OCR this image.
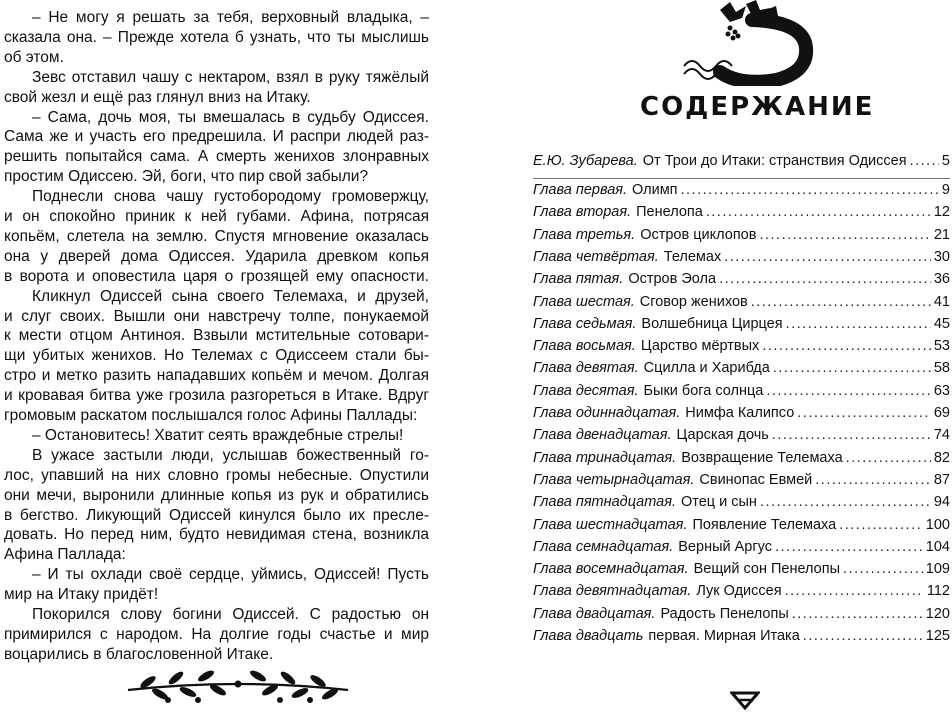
– Не могу я решать за тебя, верховный владыка, –
сказала она. – Прежде хотела б узнать, что ты мыслишь
об этом.
Зевс отставил чашу с нектаром, взял в руку тяжёлый
свой жезл и ещё раз глянул вниз на Итаку.
– Сама, дочь моя, ты вмешалась в судьбу Одиссея.
Сама же и участь его предрешила. И распри людей раз-
решить попытайся сама. А смерть женихов злонравных
простим Одиссею. Эй, боги, что пир свой забыли?
Поднесли снова чашу густобородому громовержцу,
и он спокойно приник к ней губами. Афина, потрясая
копьём, слетела на землю. Спустя мгновение оказалась
она у дверей дома Одиссея. Ударила древком копья
в ворота и оповестила царя о грозящей ему опасности.
Кликнул Одиссей сына своего Телемаха, и друзей,
и слуг своих. Вышли они навстречу толпе, понукаемой
к мести отцом Антиноя. Взвыли мстительные сотовари-
щи убитых женихов. Но Телемах с Одиссеем стали бы-
стро и метко разить нападавших копьём и мечом. Долгая
и кровавая битва уже грозила разгореться в Итаке. Вдруг
громовым раскатом послышался голос Афины Паллады:
– Остановитесь! Хватит сеять враждебные стрелы!
В ужасе застыли люди, услышав божественный го-
лос, упавший на них словно громы небесные. Опустили
они мечи, выронили длинные копья из рук и обратились
в бегство. Ликующий Одиссей кинулся было их пресле-
довать. Но перед ним, будто невидимая стена, возникла
Афина Паллада:
– И ты охлади своё сердце, уймись, Одиссей! Пусть
мир на Итаку придёт!
Покорился слову богини Одиссей. С радостью он
примирился с народом. На долгие годы счастье и мир
воцарились в благословенной Итаке.
СОДЕРЖАНИЕ
Е.Ю. Зубарева. От Трои до Итаки: странствия Одиссея ..... 5
Глава первая. Олимп .....	9
Глава вторая. Пенелопа .....	12
Глава третья. Остров циклопов .....	21
Глава четвёртая. Телемах .....	30
Глава пятая. Остров Эола .....	36
Глава шестая. Сговор женихов .....	41
Глава седьмая. Волшебница Цирцея .....	45
Глава восьмая. Царство мёртвых .....	53
Глава девятая. Сцилла и Харибда .....	58
Глава десятая. Быки бога солнца .....	63
Глава одиннадцатая. Нимфа Калипсо .....	69
Глава двенадцатая. Царская дочь .....	74
Глава тринадцатая. Возвращение Телемаха .....	82
Глава четырнадцатая. Свинопас Евмей .....	87
Глава пятнадцатая. Отец и сын .....	94
Глава шестнадцатая. Появление Телемаха .....	100
Глава семнадцатая. Верный Аргус .....	104
Глава восемнадцатая. Вещий сон Пенелопы .....	109
Глава девятнадцатая. Лук Одиссея .....	112
Глава двадцатая. Радость Пенелопы .....	120
Глава двадцать первая. Мирная Итака .....	125
